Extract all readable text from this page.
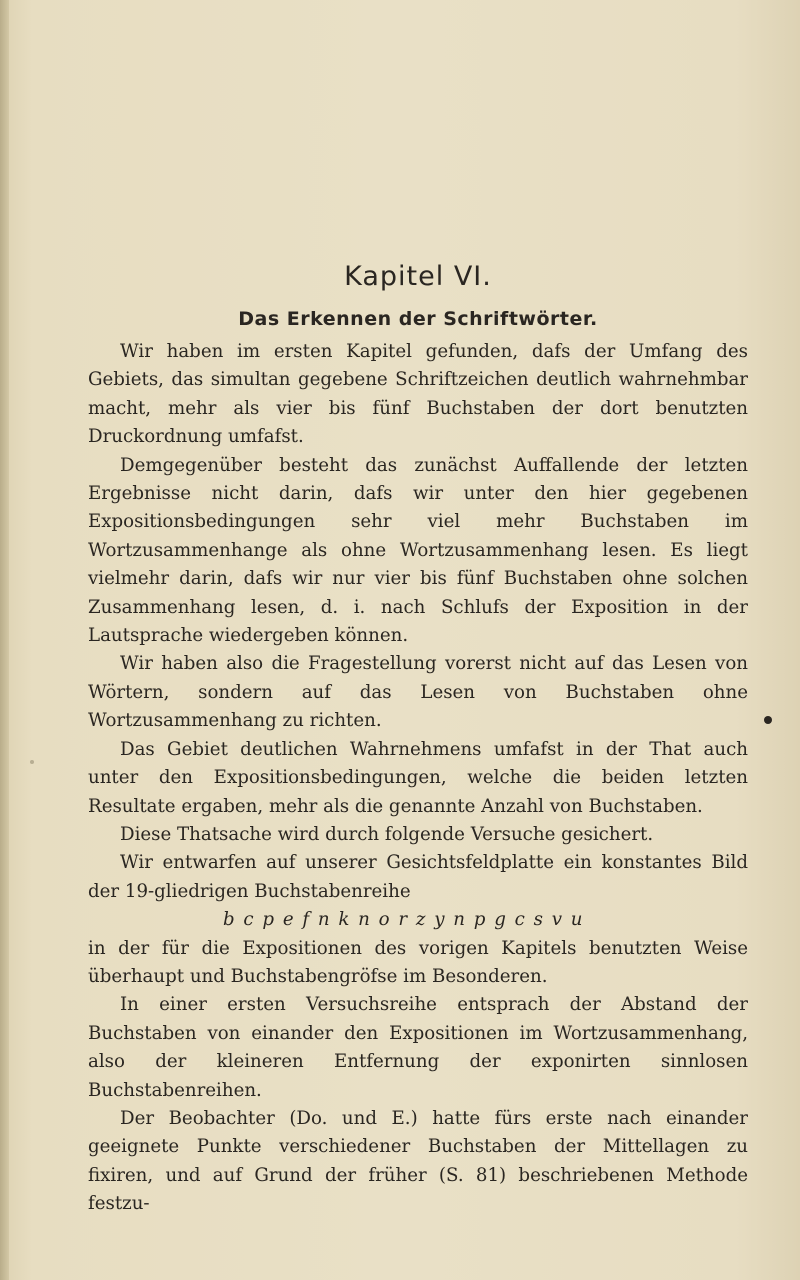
Kapitel VI.
Das Erkennen der Schriftwörter.

Wir haben im ersten Kapitel gefunden, dafs der Umfang des Gebiets, das simultan gegebene Schriftzeichen deutlich wahrnehmbar macht, mehr als vier bis fünf Buchstaben der dort benutzten Druckordnung umfafst.

Demgegenüber besteht das zunächst Auffallende der letzten Ergebnisse nicht darin, dafs wir unter den hier gegebenen Expositionsbedingungen sehr viel mehr Buchstaben im Wortzusammenhange als ohne Wortzusammenhang lesen. Es liegt vielmehr darin, dafs wir nur vier bis fünf Buchstaben ohne solchen Zusammenhang lesen, d. i. nach Schlufs der Exposition in der Lautsprache wiedergeben können.

Wir haben also die Fragestellung vorerst nicht auf das Lesen von Wörtern, sondern auf das Lesen von Buchstaben ohne Wortzusammenhang zu richten.

Das Gebiet deutlichen Wahrnehmens umfafst in der That auch unter den Expositionsbedingungen, welche die beiden letzten Resultate ergaben, mehr als die genannte Anzahl von Buchstaben.

Diese Thatsache wird durch folgende Versuche gesichert.

Wir entwarfen auf unserer Gesichtsfeldplatte ein konstantes Bild der 19-gliedrigen Buchstabenreihe

b c p e f n k n o r z y n p g c s v u

in der für die Expositionen des vorigen Kapitels benutzten Weise überhaupt und Buchstabengröfse im Besonderen.

In einer ersten Versuchsreihe entsprach der Abstand der Buchstaben von einander den Expositionen im Wortzusammenhang, also der kleineren Entfernung der exponirten sinnlosen Buchstabenreihen.

Der Beobachter (Do. und E.) hatte fürs erste nach einander geeignete Punkte verschiedener Buchstaben der Mittellagen zu fixiren, und auf Grund der früher (S. 81) beschriebenen Methode festzu-
